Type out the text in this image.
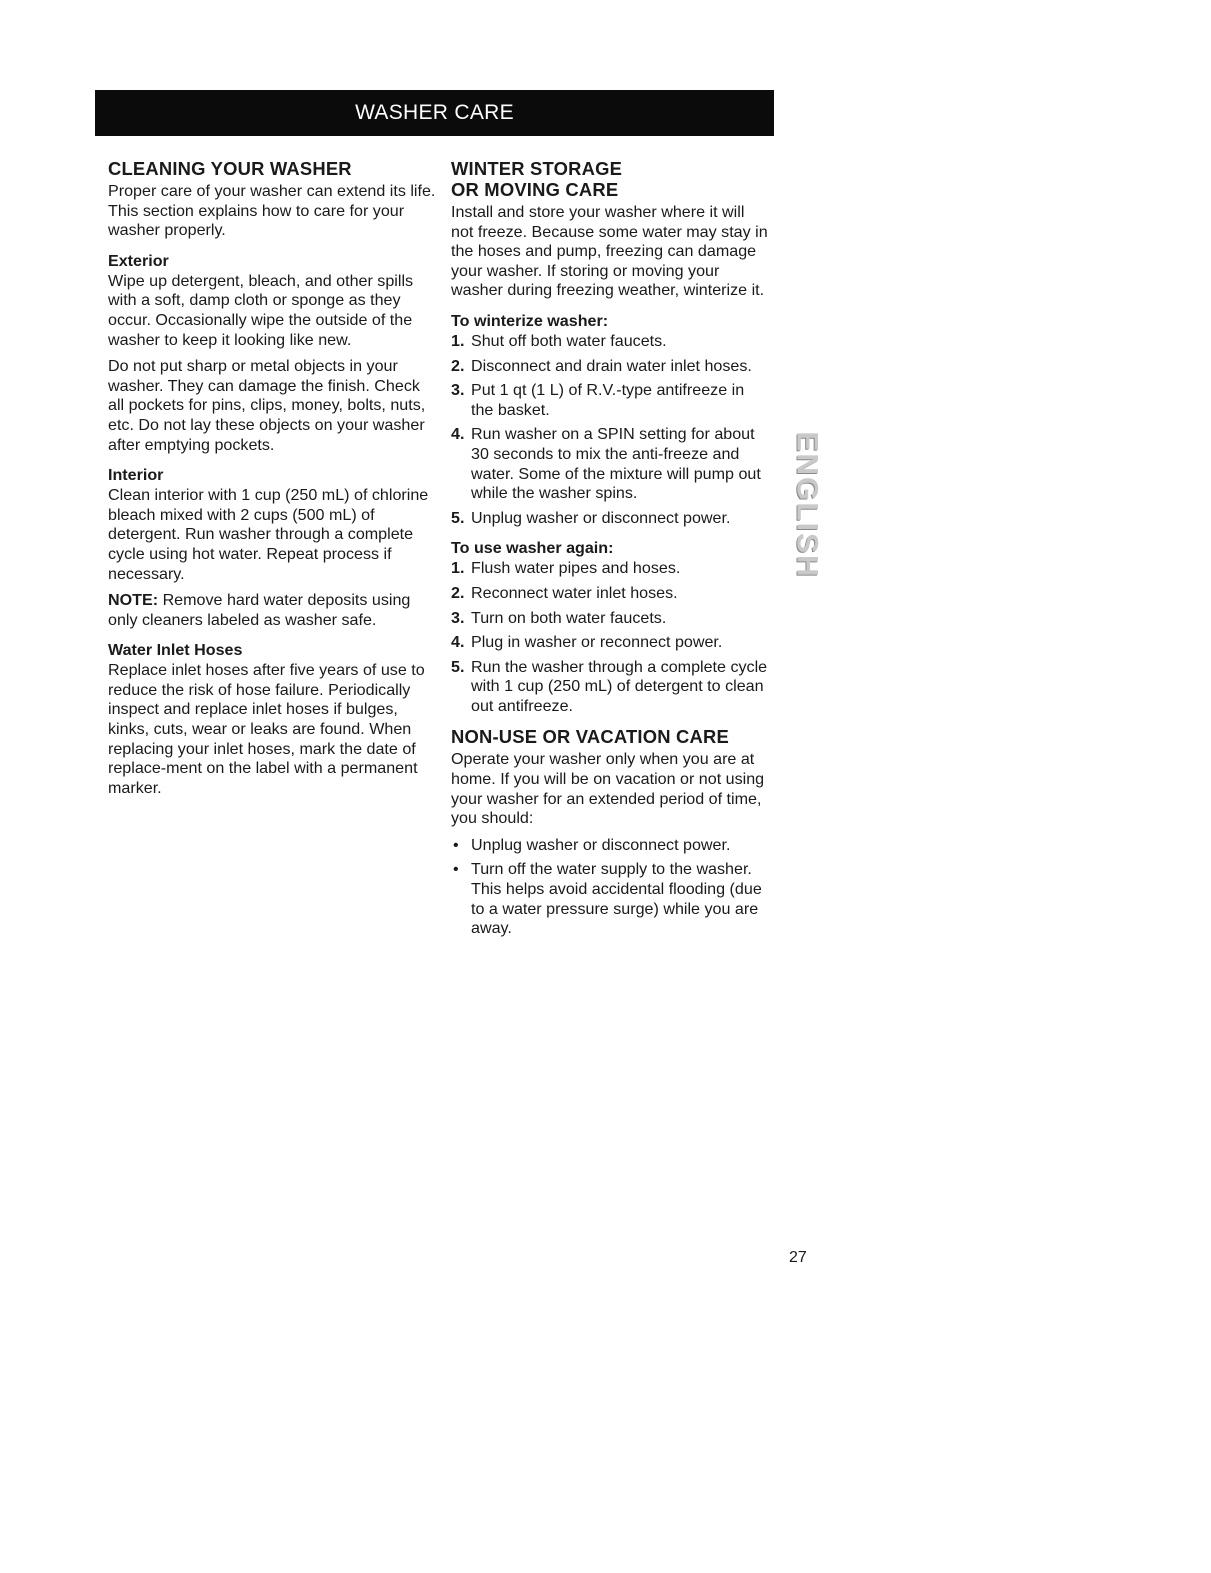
WASHER CARE
CLEANING YOUR WASHER

Proper care of your washer can extend its life. This section explains how to care for your washer properly.

Exterior

Wipe up detergent, bleach, and other spills with a soft, damp cloth or sponge as they occur. Occasionally wipe the outside of the washer to keep it looking like new.

Do not put sharp or metal objects in your washer. They can damage the finish. Check all pockets for pins, clips, money, bolts, nuts, etc. Do not lay these objects on your washer after emptying pockets.

Interior

Clean interior with 1 cup (250 mL) of chlorine bleach mixed with 2 cups (500 mL) of detergent. Run washer through a complete cycle using hot water. Repeat process if necessary.

NOTE: Remove hard water deposits using only cleaners labeled as washer safe.

Water Inlet Hoses

Replace inlet hoses after five years of use to reduce the risk of hose failure. Periodically inspect and replace inlet hoses if bulges, kinks, cuts, wear or leaks are found. When replacing your inlet hoses, mark the date of replace-ment on the label with a permanent marker.

WINTER STORAGE
OR MOVING CARE

Install and store your washer where it will not freeze. Because some water may stay in the hoses and pump, freezing can damage your washer. If storing or moving your washer during freezing weather, winterize it.

To winterize washer:
1. Shut off both water faucets.
2. Disconnect and drain water inlet hoses.
3. Put 1 qt (1 L) of R.V.-type antifreeze in the basket.
4. Run washer on a SPIN setting for about 30 seconds to mix the anti-freeze and water. Some of the mixture will pump out while the washer spins.
5. Unplug washer or disconnect power.
To use washer again:
1. Flush water pipes and hoses.
2. Reconnect water inlet hoses.
3. Turn on both water faucets.
4. Plug in washer or reconnect power.
5. Run the washer through a complete cycle with 1 cup (250 mL) of detergent to clean out antifreeze.
NON-USE OR VACATION CARE

Operate your washer only when you are at home. If you will be on vacation or not using your washer for an extended period of time, you should:

• Unplug washer or disconnect power.
• Turn off the water supply to the washer. This helps avoid accidental flooding (due to a water pressure surge) while you are away.
ENGLISH
27
